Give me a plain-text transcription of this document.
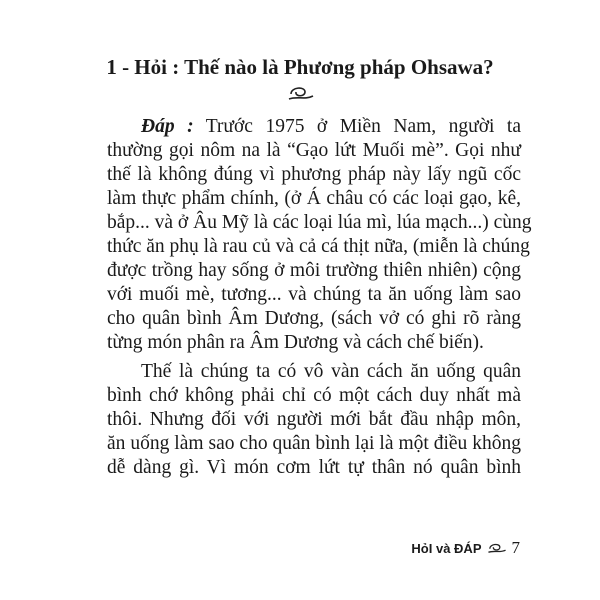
1 - Hỏi : Thế nào là Phương pháp Ohsawa?
Đáp : Trước 1975 ở Miền Nam, người ta
thường gọi nôm na là “Gạo lứt Muối mè”. Gọi như
thế là không đúng vì phương pháp này lấy ngũ cốc
làm thực phẩm chính, (ở Á châu có các loại gạo, kê,
bắp... và ở Âu Mỹ là các loại lúa mì, lúa mạch...) cùng
thức ăn phụ là rau củ và cả cá thịt nữa, (miễn là chúng
được trồng hay sống ở môi trường thiên nhiên) cộng
với muối mè, tương... và chúng ta ăn uống làm sao
cho quân bình Âm Dương, (sách vở có ghi rõ ràng
từng món phân ra Âm Dương và cách chế biến).
Thế là chúng ta có vô vàn cách ăn uống quân
bình chớ không phải chỉ có một cách duy nhất mà
thôi. Nhưng đối với người mới bắt đầu nhập môn,
ăn uống làm sao cho quân bình lại là một điều không
dễ dàng gì. Vì món cơm lứt tự thân nó quân bình
HỏI và ĐÁP 7
